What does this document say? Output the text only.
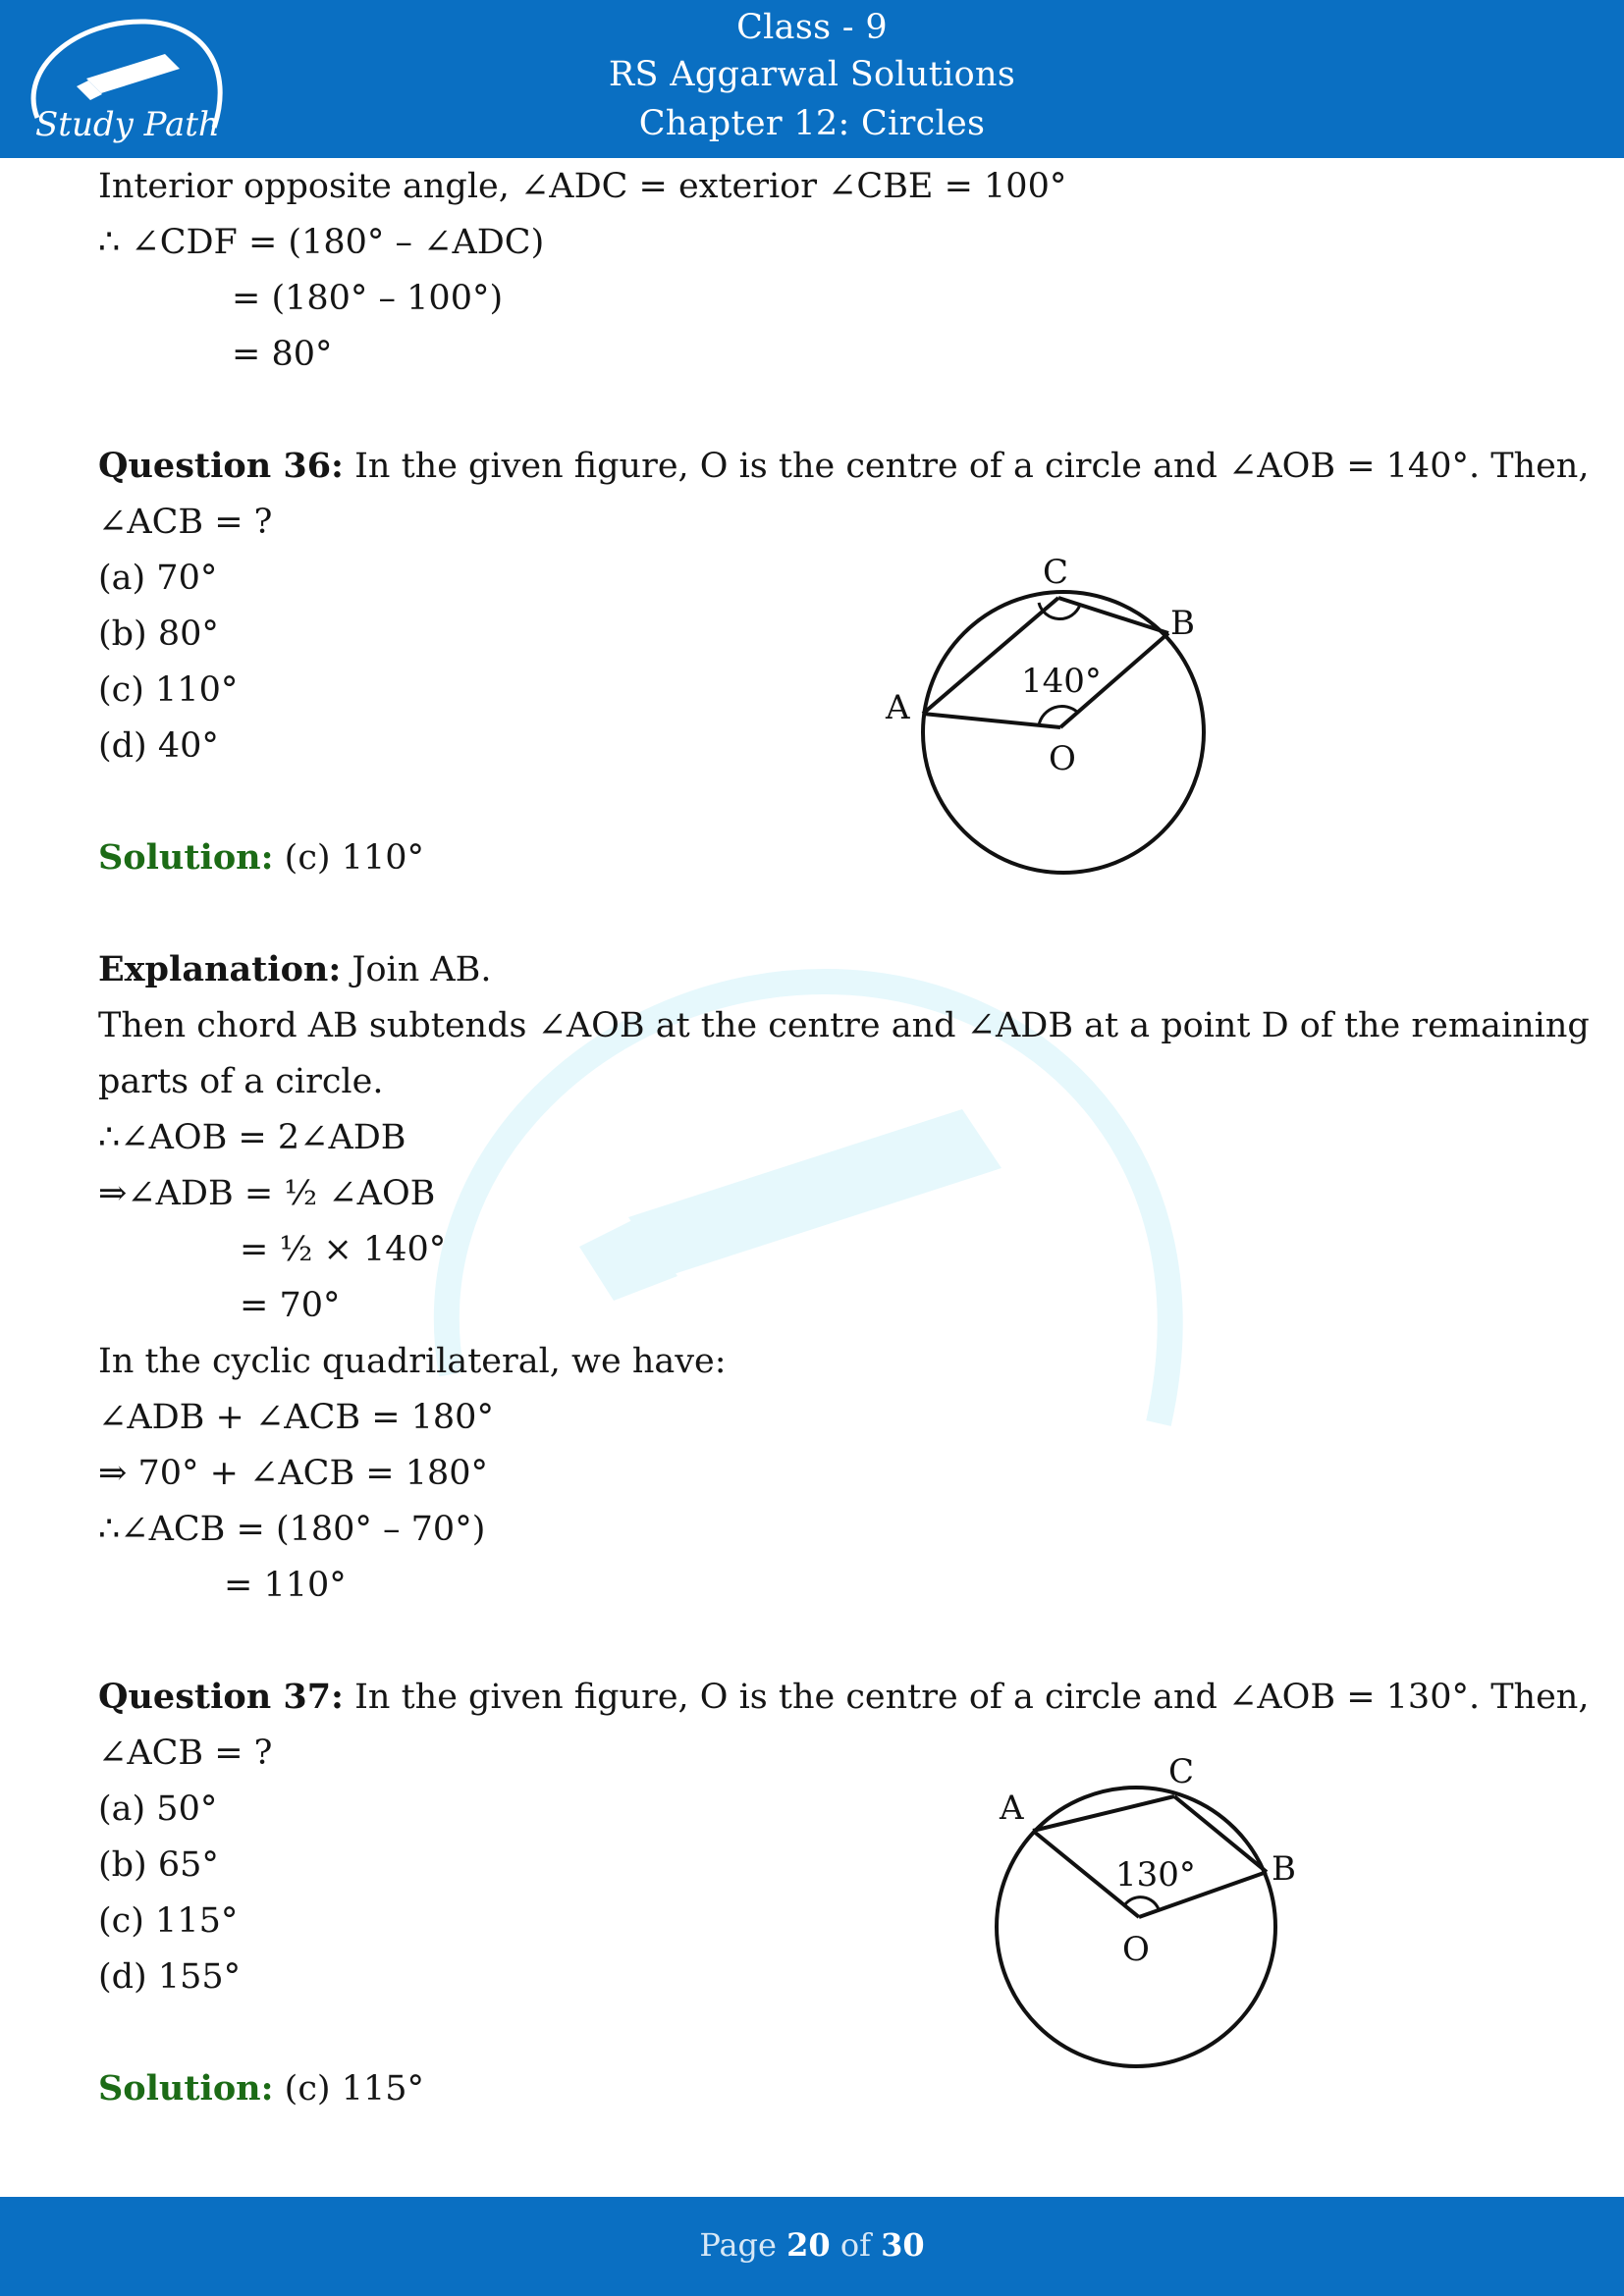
Study Path
Class - 9
RS Aggarwal Solutions
Chapter 12: Circles
Interior opposite angle, ∠ADC = exterior ∠CBE = 100°
∴ ∠CDF = (180° – ∠ADC)
= (180° – 100°)
= 80°
Question 36: In the given figure, O is the centre of a circle and ∠AOB = 140°. Then,
∠ACB = ?
(a) 70°
(b) 80°
(c) 110°
(d) 40°
C
B
A
O
140°
Solution: (c) 110°
Explanation: Join AB.
Then chord AB subtends ∠AOB at the centre and ∠ADB at a point D of the remaining
parts of a circle.
∴∠AOB = 2∠ADB
⇒∠ADB = ½ ∠AOB
= ½ × 140°
= 70°
In the cyclic quadrilateral, we have:
∠ADB + ∠ACB = 180°
⇒ 70° + ∠ACB = 180°
∴∠ACB = (180° – 70°)
= 110°
Question 37: In the given figure, O is the centre of a circle and ∠AOB = 130°. Then,
∠ACB = ?
(a) 50°
(b) 65°
(c) 115°
(d) 155°
C
B
A
O
130°
Solution: (c) 115°
Page 20 of 30
